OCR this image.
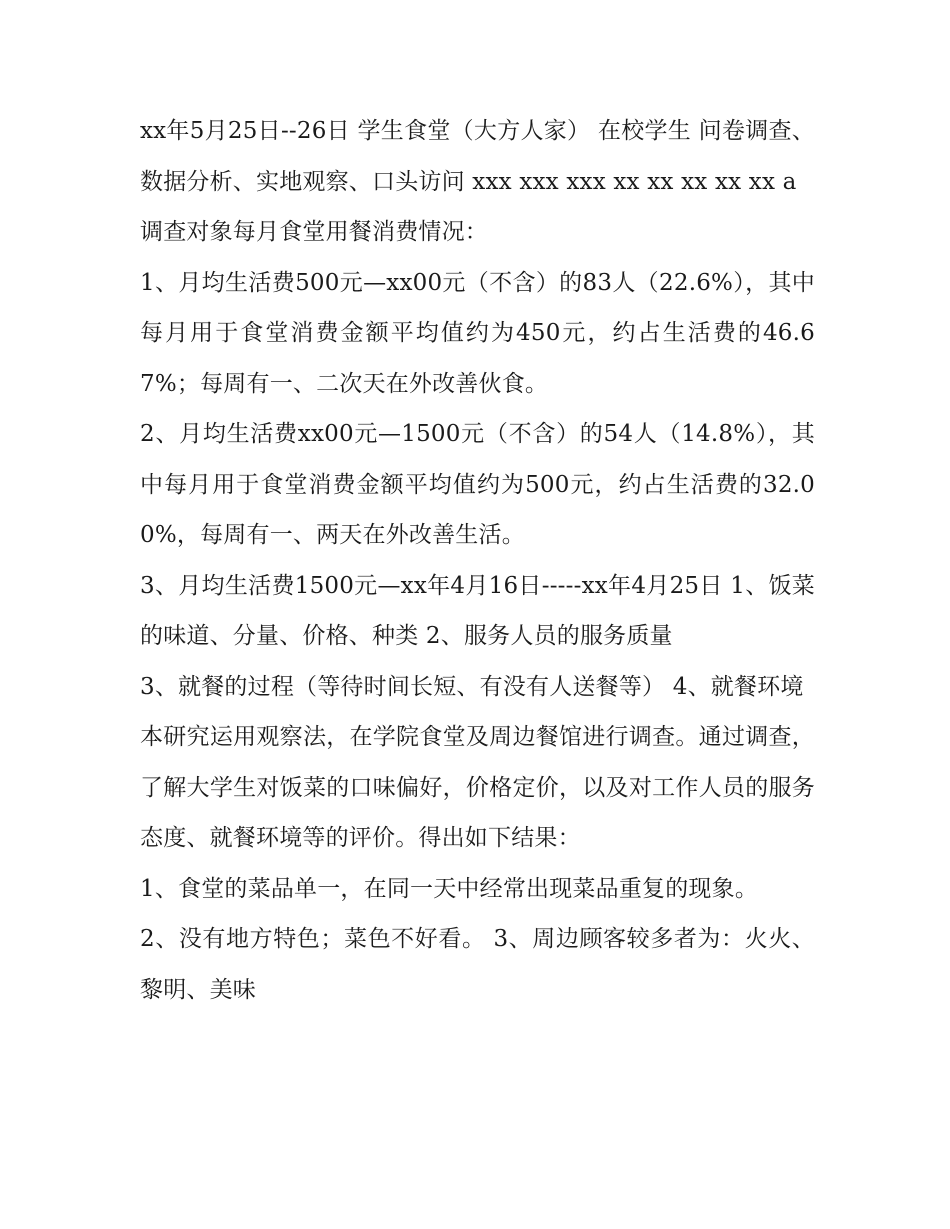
xx年5月25日--26日 学生食堂（大方人家） 在校学生 问卷调查、数据分析、实地观察、口头访问 xxx xxx xxx xx xx xx xx xx a

调查对象每月食堂用餐消费情况：

1、月均生活费500元—xx00元（不含）的83人（22.6%），其中每月用于食堂消费金额平均值约为450元，约占生活费的46.67%；每周有一、二次天在外改善伙食。

2、月均生活费xx00元—1500元（不含）的54人（14.8%），其中每月用于食堂消费金额平均值约为500元，约占生活费的32.00%，每周有一、两天在外改善生活。

3、月均生活费1500元—xx年4月16日-----xx年4月25日 1、饭菜的味道、分量、价格、种类 2、服务人员的服务质量

3、就餐的过程（等待时间长短、有没有人送餐等） 4、就餐环境

本研究运用观察法，在学院食堂及周边餐馆进行调查。通过调查，了解大学生对饭菜的口味偏好，价格定价，以及对工作人员的服务态度、就餐环境等的评价。得出如下结果：

1、食堂的菜品单一，在同一天中经常出现菜品重复的现象。

2、没有地方特色；菜色不好看。 3、周边顾客较多者为：火火、黎明、美味
